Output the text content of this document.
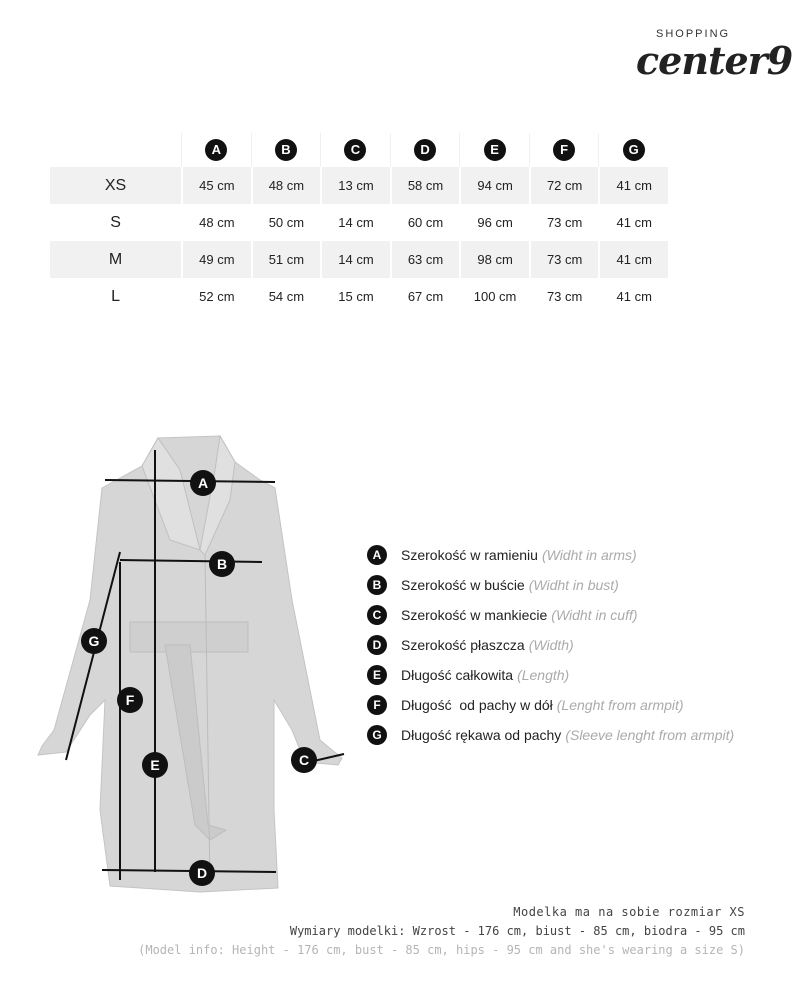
SHOPPING
center9
	A	B	C	D	E	F	G
XS	45 cm	48 cm	13 cm	58 cm	94 cm	72 cm	41 cm
S	48 cm	50 cm	14 cm	60 cm	96 cm	73 cm	41 cm
M	49 cm	51 cm	14 cm	63 cm	98 cm	73 cm	41 cm
L	52 cm	54 cm	15 cm	67 cm	100 cm	73 cm	41 cm
A
B
C
D
E
F
G
A	Szerokość w ramieniu (Widht in arms)
B	Szerokość w buście (Widht in bust)
C	Szerokość w mankiecie (Widht in cuff)
D	Szerokość płaszcza (Width)
E	Długość całkowita (Length)
F	Długość  od pachy w dół (Lenght from armpit)
G	Długość rękawa od pachy (Sleeve lenght from armpit)
Modelka ma na sobie rozmiar XS
Wymiary modelki: Wzrost - 176 cm, biust - 85 cm, biodra - 95 cm
(Model info: Height - 176 cm, bust - 85 cm, hips - 95 cm and she's wearing a size S)
